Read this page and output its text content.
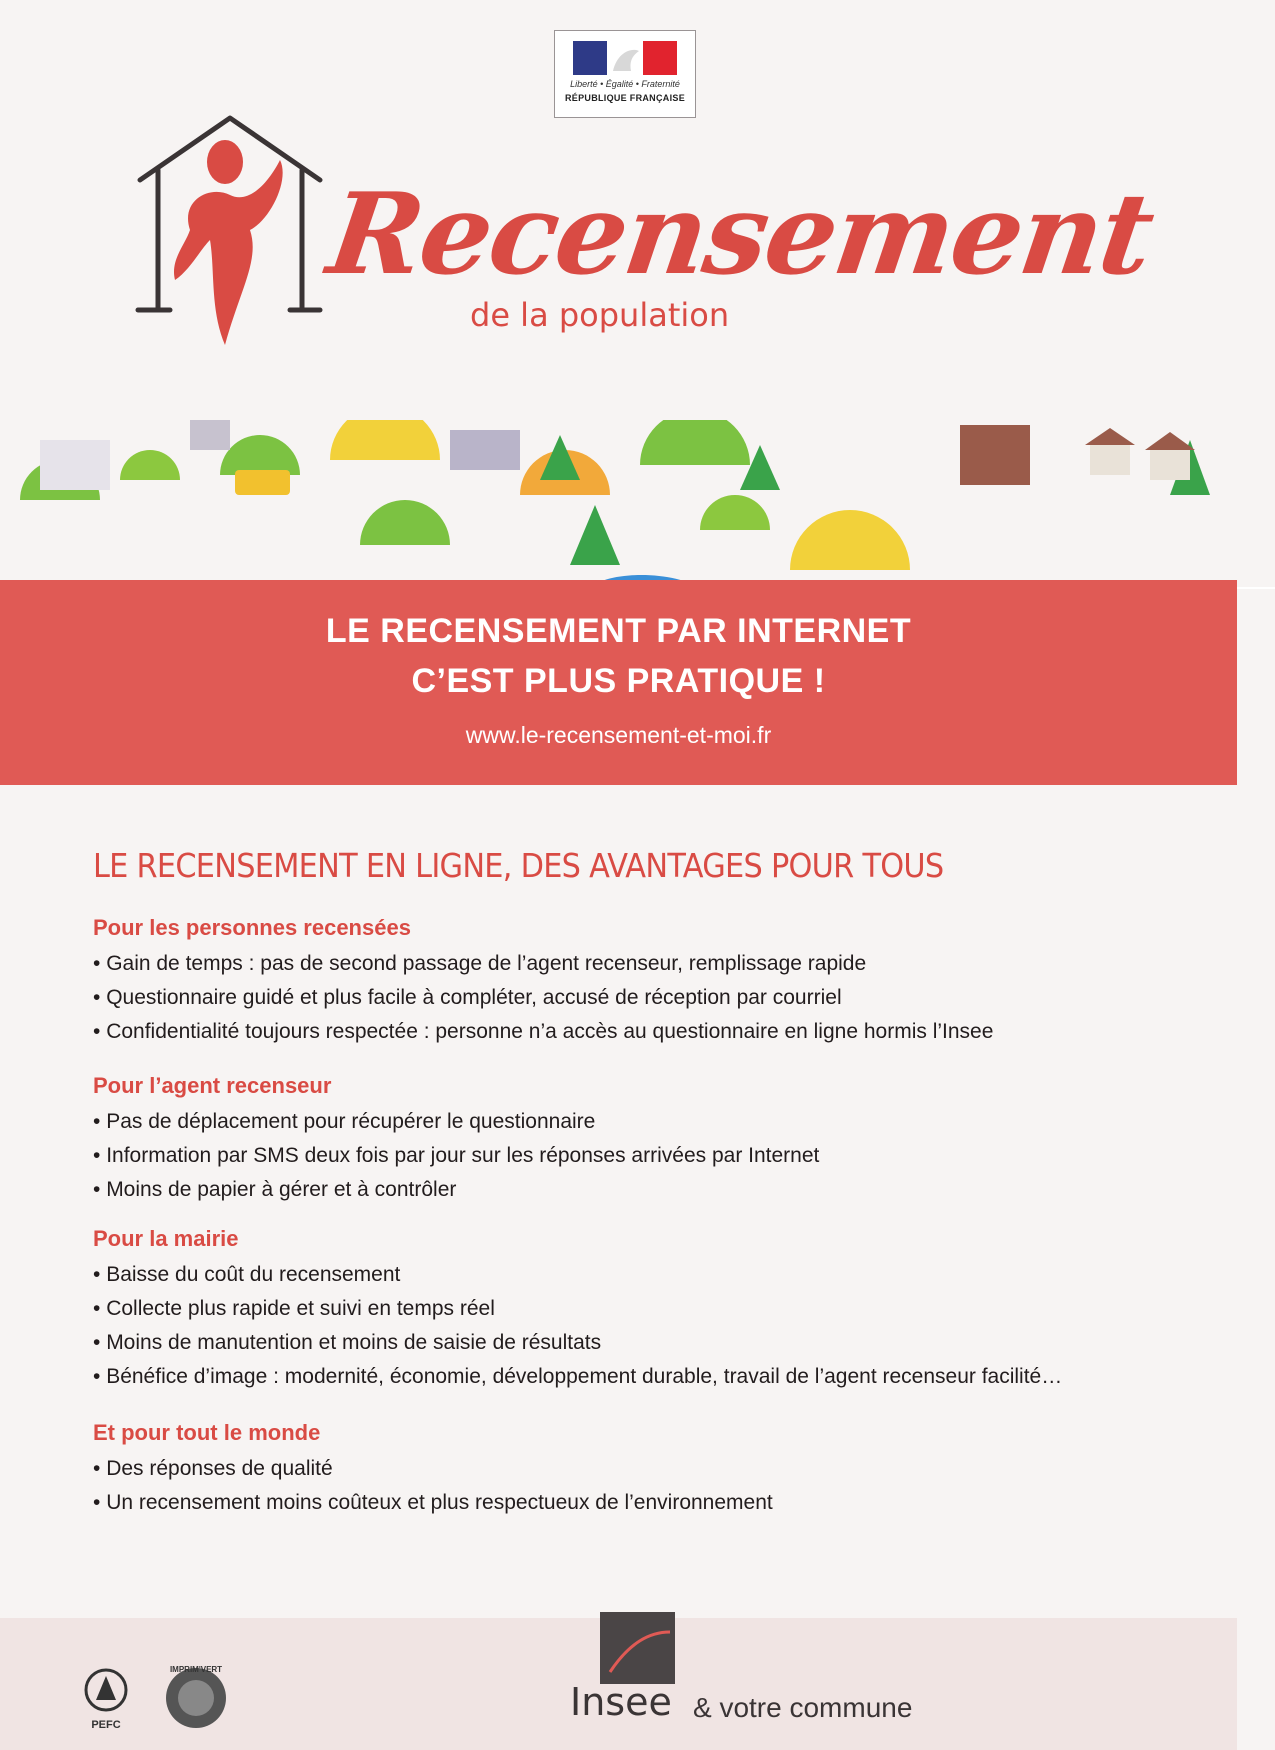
Liberté • Égalité • Fraternité
RÉPUBLIQUE FRANÇAISE
Recensement
de la population
LE RECENSEMENT PAR INTERNET
C’EST PLUS PRATIQUE !
www.le-recensement-et-moi.fr
LE RECENSEMENT EN LIGNE, DES AVANTAGES POUR TOUS
Pour les personnes recensées
• Gain de temps : pas de second passage de l’agent recenseur, remplissage rapide
• Questionnaire guidé et plus facile à compléter, accusé de réception par courriel
• Confidentialité toujours respectée : personne n’a accès au questionnaire en ligne hormis l’Insee
Pour l’agent recenseur
• Pas de déplacement pour récupérer le questionnaire
• Information par SMS deux fois par jour sur les réponses arrivées par Internet
• Moins de papier à gérer et à contrôler
Pour la mairie
• Baisse du coût du recensement
• Collecte plus rapide et suivi en temps réel
• Moins de manutention et moins de saisie de résultats
• Bénéfice d’image : modernité, économie, développement durable, travail de l’agent recenseur facilité…
Et pour tout le monde
• Des réponses de qualité
• Un recensement moins coûteux et plus respectueux de l’environnement
PEFC
IMPRIM'VERT
Insee & votre commune
